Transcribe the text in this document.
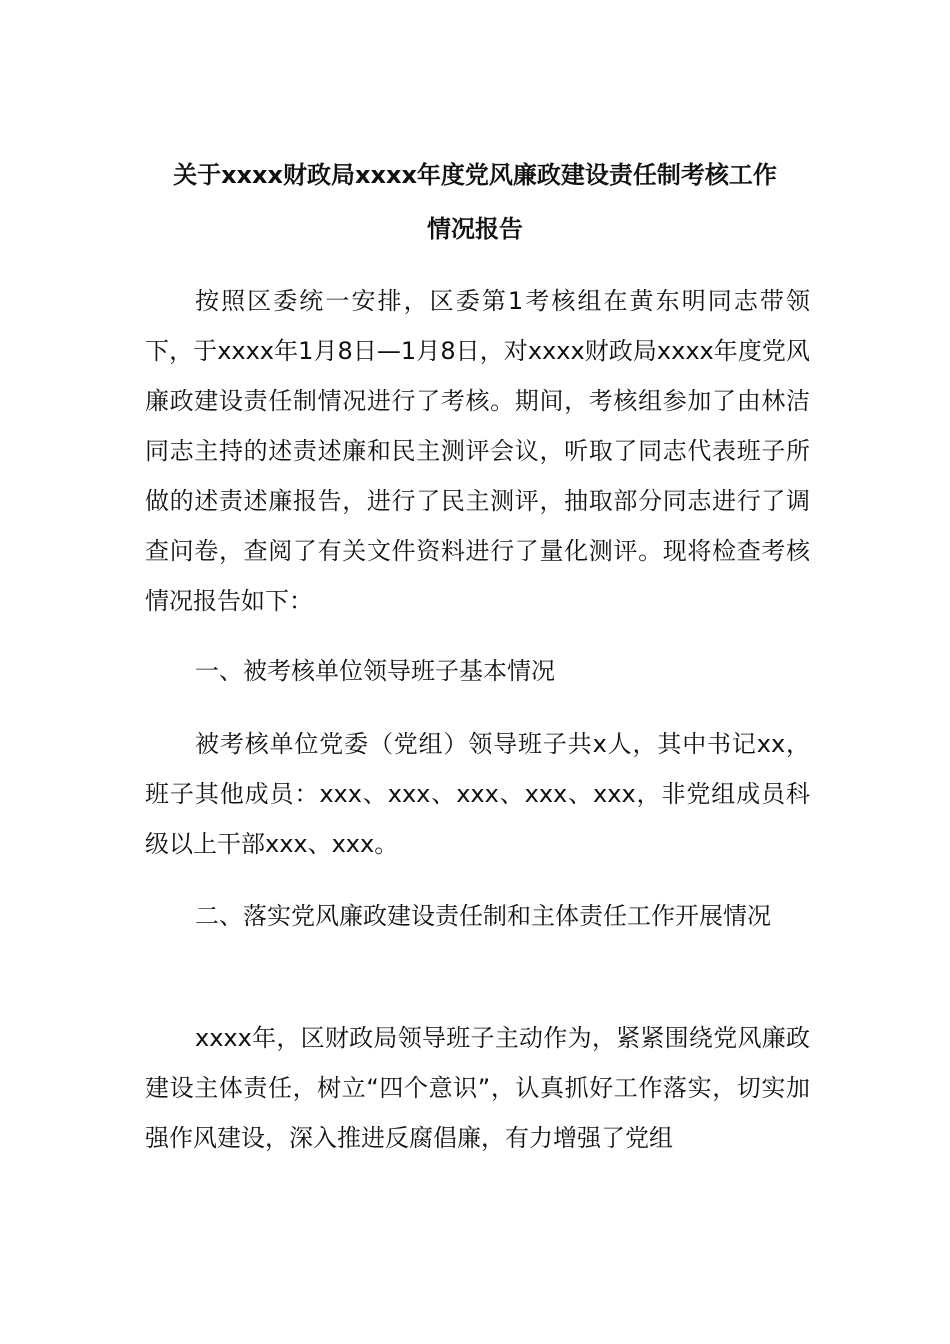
关于xxxx财政局xxxx年度党风廉政建设责任制考核工作
情况报告

按照区委统一安排，区委第1考核组在黄东明同志带领下，于xxxx年1月8日—1月8日，对xxxx财政局xxxx年度党风廉政建设责任制情况进行了考核。期间，考核组参加了由林洁同志主持的述责述廉和民主测评会议，听取了同志代表班子所做的述责述廉报告，进行了民主测评，抽取部分同志进行了调查问卷，查阅了有关文件资料进行了量化测评。现将检查考核情况报告如下：

一、被考核单位领导班子基本情况

被考核单位党委（党组）领导班子共x人，其中书记xx，班子其他成员：xxx、xxx、xxx、xxx、xxx，非党组成员科级以上干部xxx、xxx。

二、落实党风廉政建设责任制和主体责任工作开展情况

xxxx年，区财政局领导班子主动作为，紧紧围绕党风廉政建设主体责任，树立“四个意识”，认真抓好工作落实，切实加强作风建设，深入推进反腐倡廉，有力增强了党组
